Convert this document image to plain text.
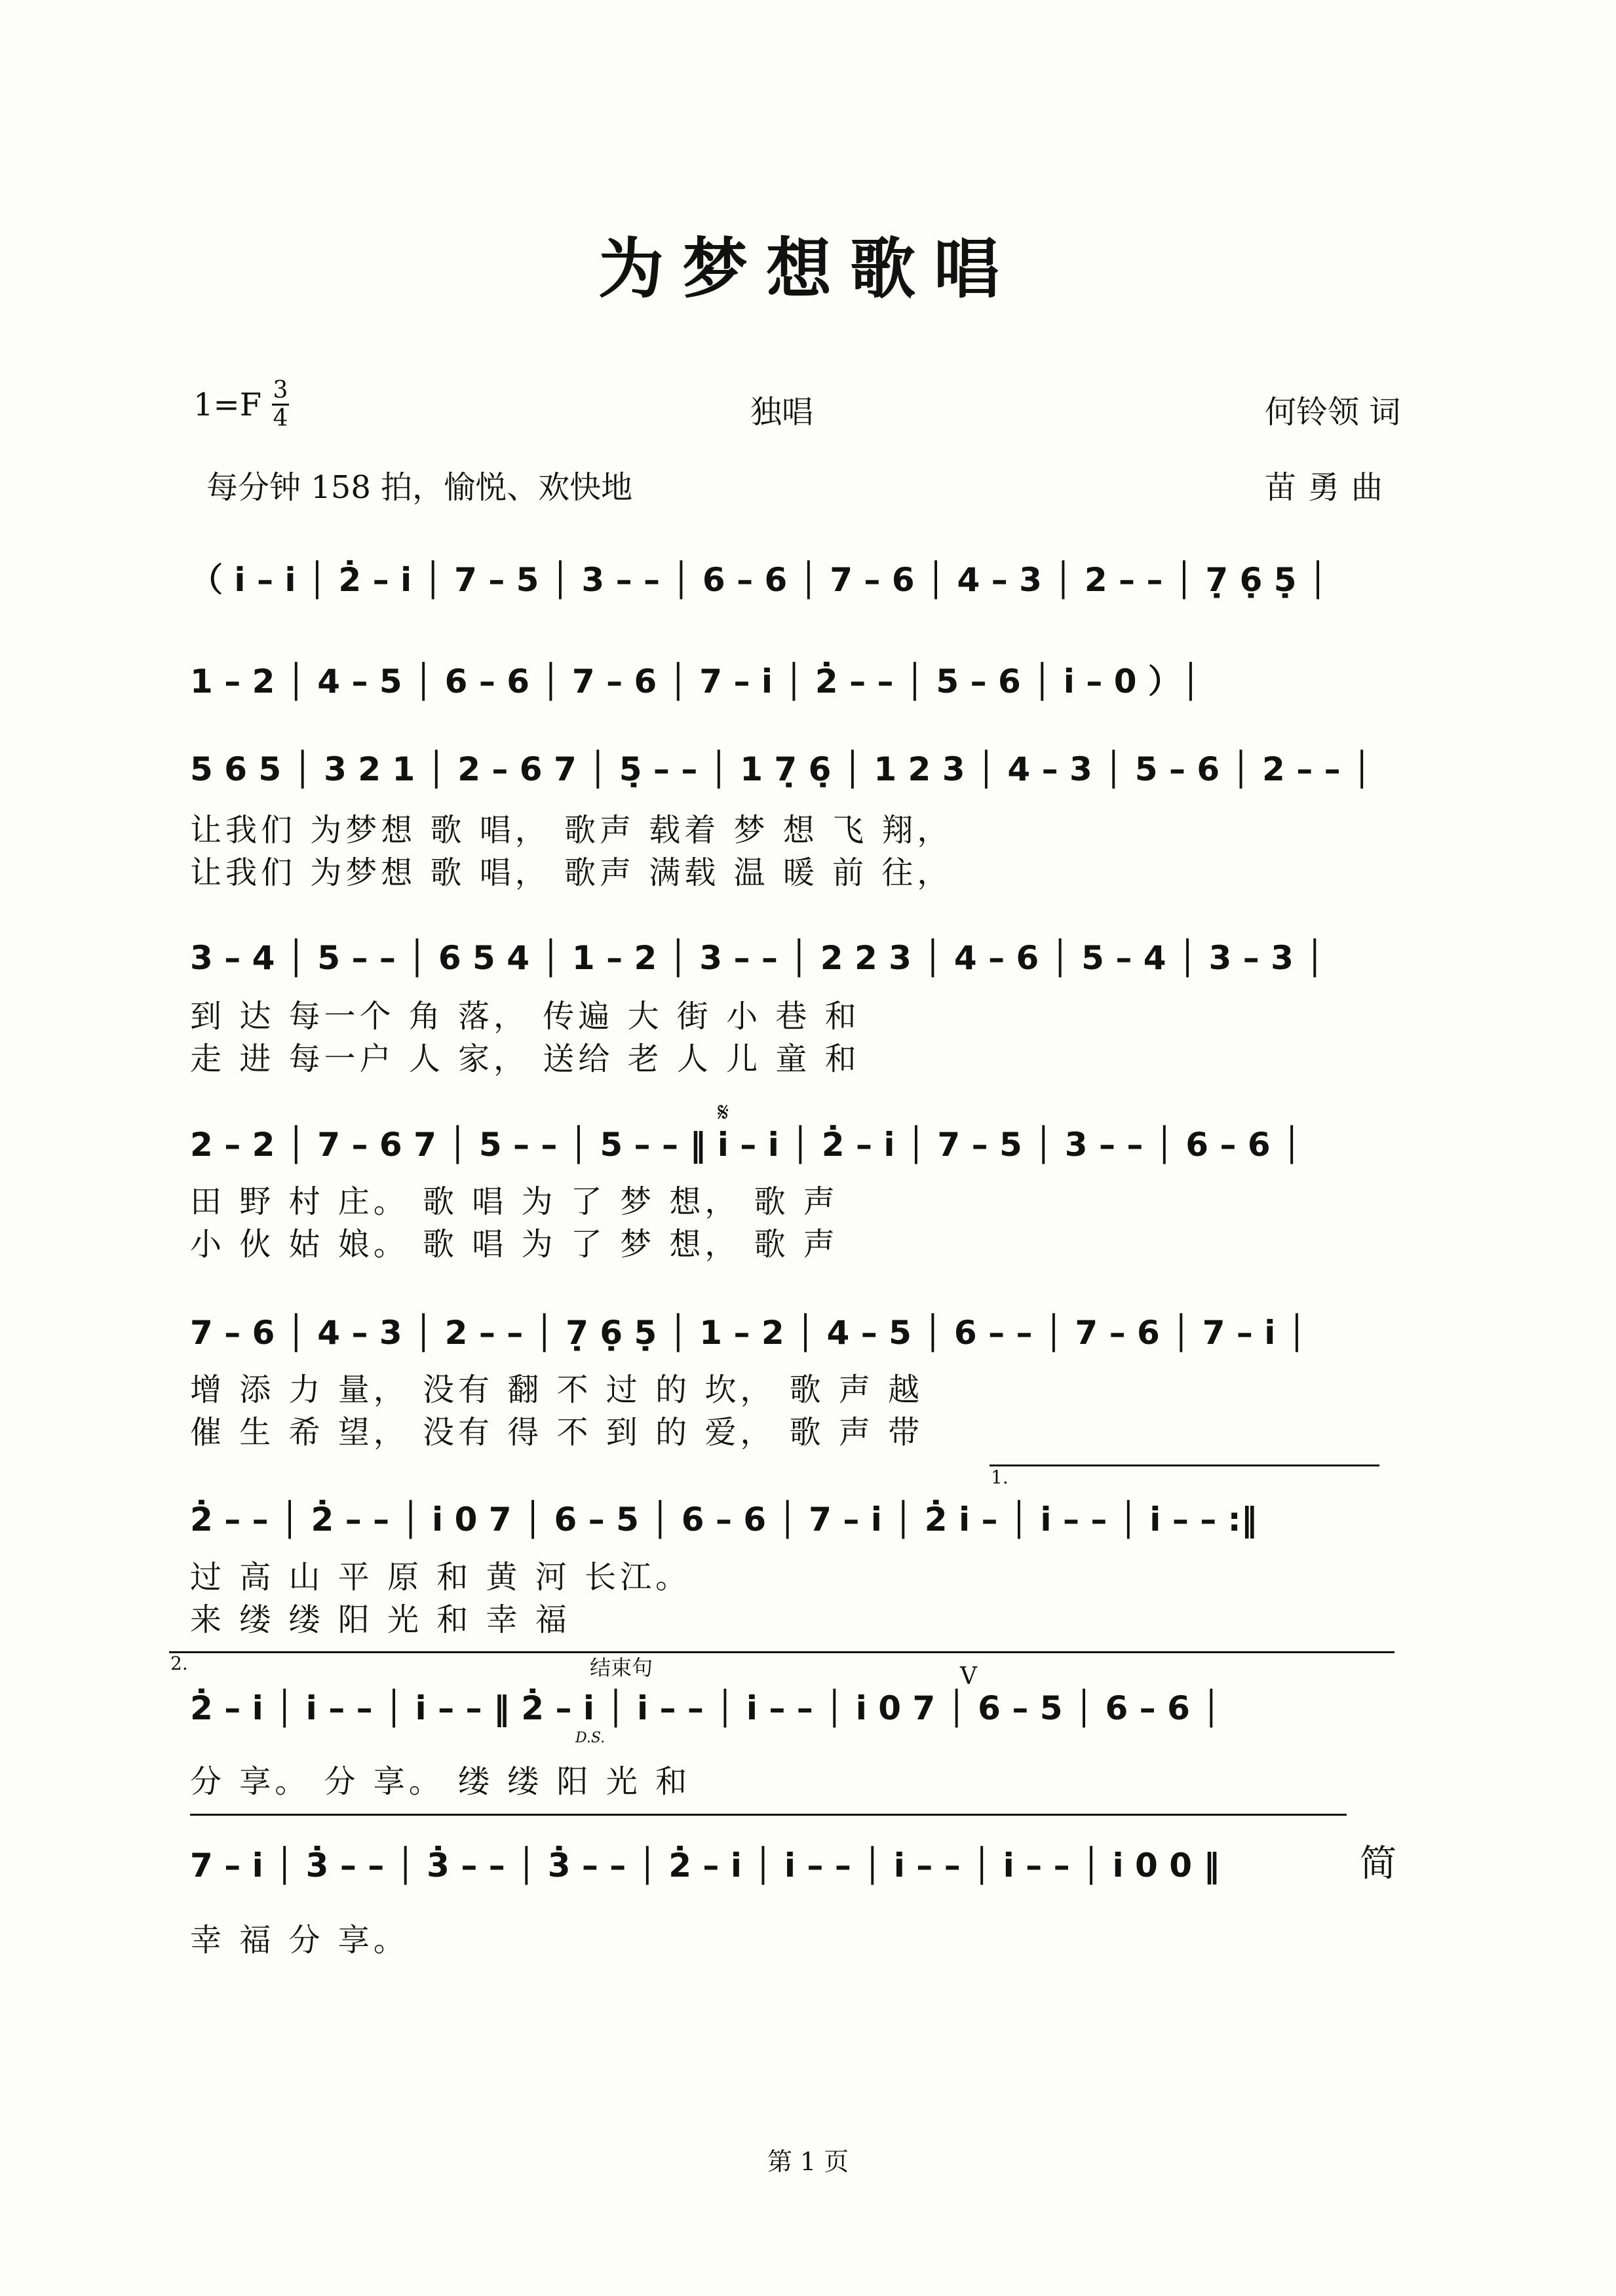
为梦想歌唱
1=F 3
4	独唱	何铃领 词
每分钟 158 拍，愉悦、欢快地	苗勇曲
（ i̇ – i̇ │ 2̇ – i̇ │ 7 – 5 │ 3 – – │ 6 – 6 │ 7 – 6 │ 4 – 3 │ 2 – – │ 7̣ 6̣ 5̣ │
1 – 2 │ 4 – 5 │ 6 – 6 │ 7 – 6 │ 7 – i̇ │ 2̇ – – │ 5 – 6 │ i̇ – 0 ）│
5 6 5 │ 3 2 1 │ 2 – 6 7 │ 5̣ – – │ 1 7̣ 6̣ │ 1 2 3 │ 4 – 3 │ 5 – 6 │ 2 – – │
让我们 为梦想 歌 唱， 歌声 载着 梦 想 飞 翔，
让我们 为梦想 歌 唱， 歌声 满载 温 暖 前 往，
3 – 4 │ 5 – – │ 6 5 4 │ 1 – 2 │ 3 – – │ 2 2 3 │ 4 – 6 │ 5 – 4 │ 3 – 3 │
到 达 每一个 角 落， 传遍 大 街 小 巷 和
走 进 每一户 人 家， 送给 老 人 儿 童 和
𝄋
2 – 2 │ 7 – 6 7 │ 5 – – │ 5 – – ‖ i̇ – i̇ │ 2̇ – i̇ │ 7 – 5 │ 3 – – │ 6 – 6 │
田 野 村 庄。 歌 唱 为 了 梦 想， 歌 声
小 伙 姑 娘。 歌 唱 为 了 梦 想， 歌 声
7 – 6 │ 4 – 3 │ 2 – – │ 7̣ 6̣ 5̣ │ 1 – 2 │ 4 – 5 │ 6 – – │ 7 – 6 │ 7 – i̇ │
增 添 力 量， 没有 翻 不 过 的 坎， 歌 声 越
催 生 希 望， 没有 得 不 到 的 爱， 歌 声 带
1.
2̇ – – │ 2̇ – – │ i̇ 0 7 │ 6 – 5 │ 6 – 6 │ 7 – i̇ │ 2̇ i̇ – │ i̇ – – │ i̇ – – :‖
过 高 山 平 原 和 黄 河 长江。
来 缕 缕 阳 光 和 幸 福
2.	结束句	V
2̇ – i̇ │ i̇ – – │ i̇ – – ‖ 2̇ – i̇ │ i̇ – – │ i̇ – – │ i̇ 0 7 │ 6 – 5 │ 6 – 6 │
D.S.
分 享。 分 享。 缕 缕 阳 光 和
7 – i̇ │ 3̇ – – │ 3̇ – – │ 3̇ – – │ 2̇ – i̇ │ i̇ – – │ i̇ – – │ i̇ – – │ i̇ 0 0 ‖	简
幸 福 分 享。
第 1 页
